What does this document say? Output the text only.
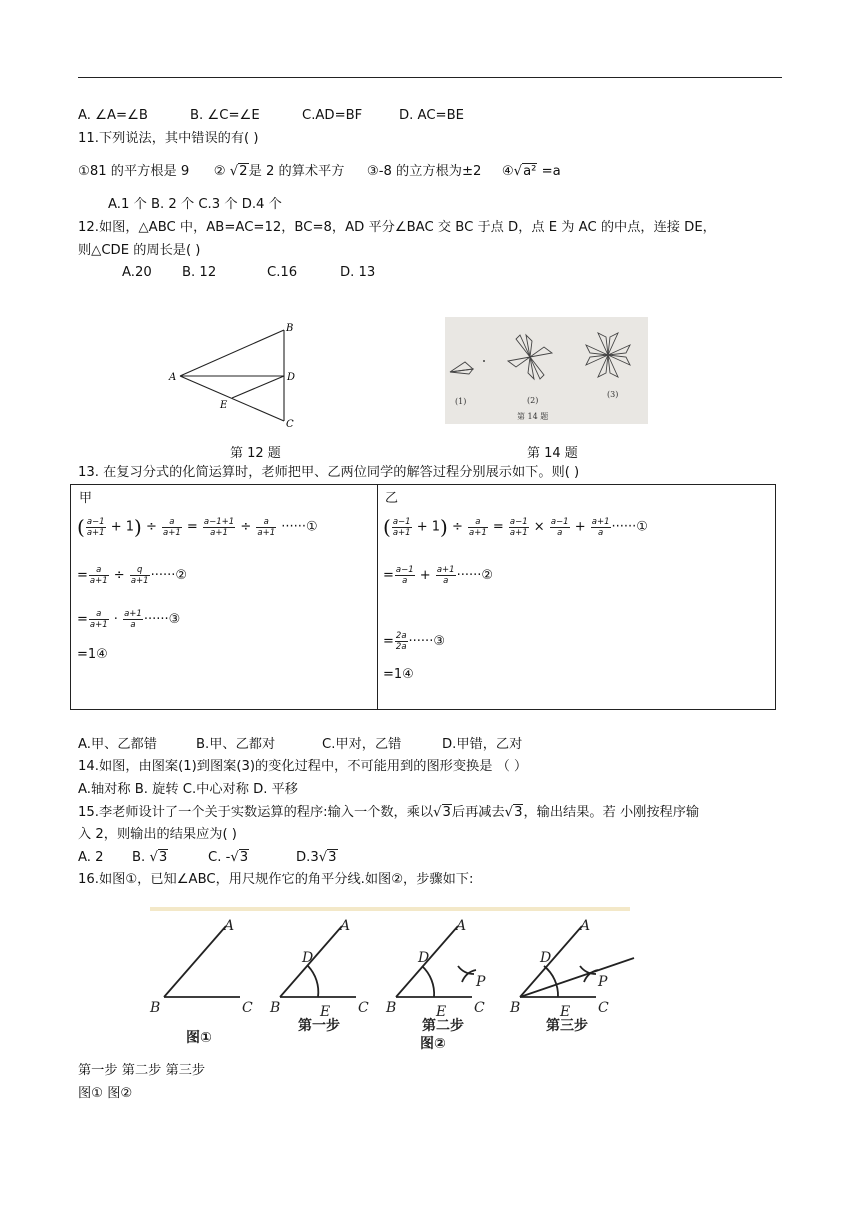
A. ∠A=∠B	B. ∠C=∠E	C.AD=BF	D. AC=BE
11.下列说法，其中错误的有( )
①81 的平方根是 9 ② √2是 2 的算术平方 ③-8 的立方根为±2 ④√a² =a
A.1 个 B. 2 个 C.3 个 D.4 个
12.如图，△ABC 中，AB=AC=12，BC=8，AD 平分∠BAC 交 BC 于点 D，点 E 为 AC 的中点，连接 DE，
则△CDE 的周长是( )
A.20 B. 12	C.16	D. 13
B
A	D
E
C
(1)	(2)
(3)
第 14 题
第 12 题	第 14 题
13. 在复习分式的化简运算时，老师把甲、乙两位同学的解答过程分别展示如下。则( )
甲
( $\frac{a-1}{a+1} + 1) \div \frac{a}{a+1} = \frac{a-1+1}{a+1} \div \frac{a}{a+1}$ ······①
= $\frac{a}{a+1} \div \frac{q}{a+1}$ ······②
= $\frac{a}{a+1} \cdot \frac{a+1}{a}$ ······③
=1④
乙
( $\frac{a-1}{a+1} + 1) \div \frac{a}{a+1} = \frac{a-1}{a+1} \times \frac{a-1}{a} + \frac{a+1}{a}$ ······①
= $\frac{a-1}{a} + \frac{a+1}{a}$ ······②
= $\frac{2a}{2a}$ ······③
=1④
A.甲、乙都错	B.甲、乙都对	C.甲对，乙错	D.甲错，乙对
14.如图，由图案(1)到图案(3)的变化过程中，不可能用到的图形变换是 （ ）
A.轴对称 B. 旋转 C.中心对称 D. 平移
15.李老师设计了一个关于实数运算的程序:输入一个数，乘以√3后再减去√3，输出结果。若 小刚按程序输
入 2，则输出的结果应为( )
A. 2 B. √3	C. -√3	D.3√3
16.如图①，已知∠ABC，用尺规作它的角平分线.如图②，步骤如下:
A
B	C
A
D
B	E C
A
D
P
B	E C
A
D
P
B	E C
图①
第一步	第二步
图②
第三步
第一步 第二步 第三步
图① 图②
